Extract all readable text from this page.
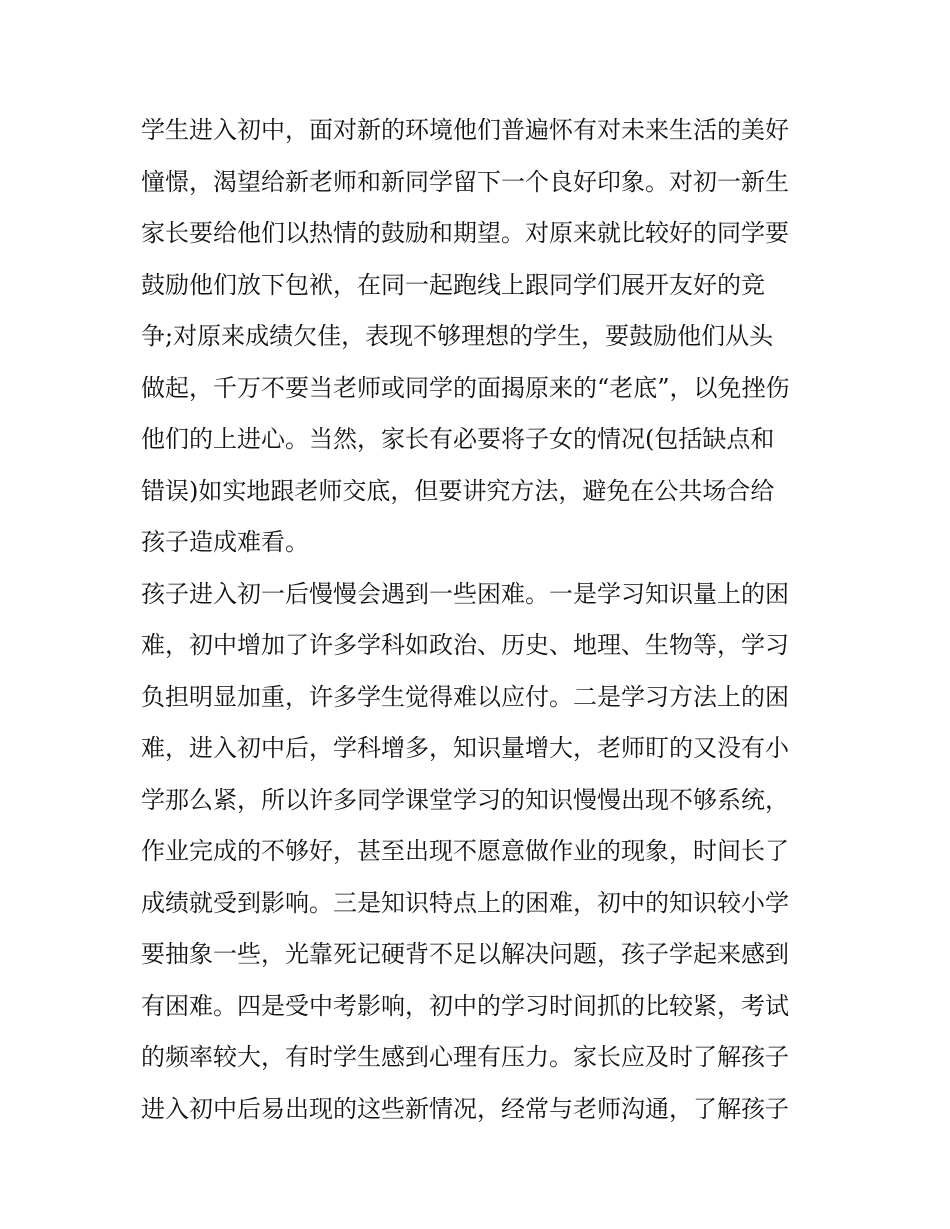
学生进入初中，面对新的环境他们普遍怀有对未来生活的美好
憧憬，渴望给新老师和新同学留下一个良好印象。对初一新生
家长要给他们以热情的鼓励和期望。对原来就比较好的同学要
鼓励他们放下包袱，在同一起跑线上跟同学们展开友好的竞
争;对原来成绩欠佳，表现不够理想的学生，要鼓励他们从头
做起，千万不要当老师或同学的面揭原来的“老底”，以免挫伤
他们的上进心。当然，家长有必要将子女的情况(包括缺点和
错误)如实地跟老师交底，但要讲究方法，避免在公共场合给
孩子造成难看。
孩子进入初一后慢慢会遇到一些困难。一是学习知识量上的困
难，初中增加了许多学科如政治、历史、地理、生物等，学习
负担明显加重，许多学生觉得难以应付。二是学习方法上的困
难，进入初中后，学科增多，知识量增大，老师盯的又没有小
学那么紧，所以许多同学课堂学习的知识慢慢出现不够系统，
作业完成的不够好，甚至出现不愿意做作业的现象，时间长了
成绩就受到影响。三是知识特点上的困难，初中的知识较小学
要抽象一些，光靠死记硬背不足以解决问题，孩子学起来感到
有困难。四是受中考影响，初中的学习时间抓的比较紧，考试
的频率较大，有时学生感到心理有压力。家长应及时了解孩子
进入初中后易出现的这些新情况，经常与老师沟通，了解孩子
